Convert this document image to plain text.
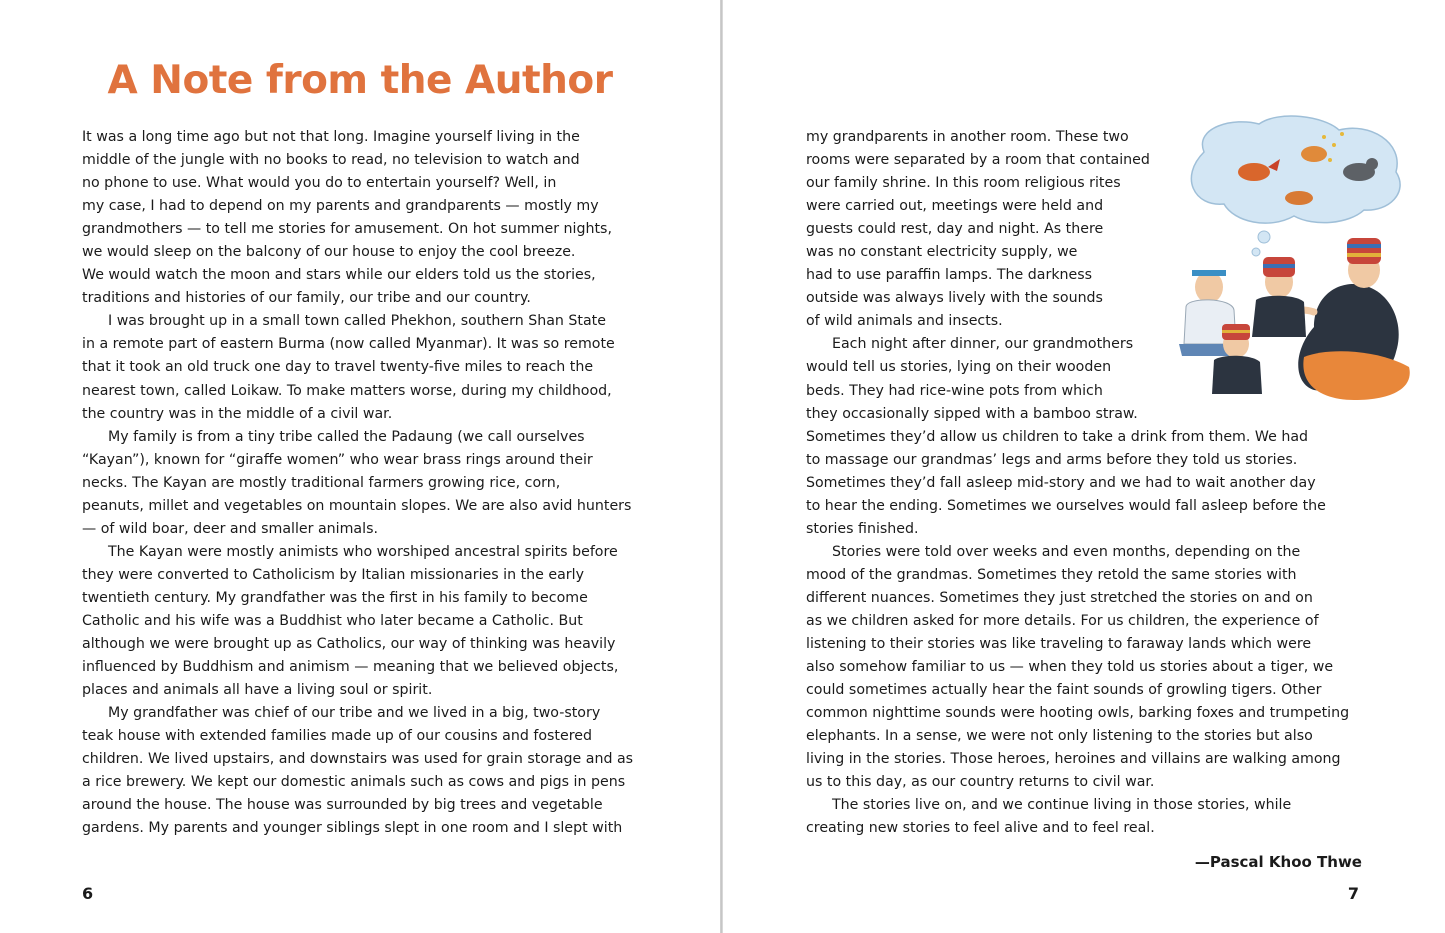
A Note from the Author
It was a long time ago but not that long. Imagine yourself living in the
middle of the jungle with no books to read, no television to watch and
no phone to use. What would you do to entertain yourself? Well, in
my case, I had to depend on my parents and grandparents — mostly my
grandmothers — to tell me stories for amusement. On hot summer nights,
we would sleep on the balcony of our house to enjoy the cool breeze.
We would watch the moon and stars while our elders told us the stories,
traditions and histories of our family, our tribe and our country.
I was brought up in a small town called Phekhon, southern Shan State
in a remote part of eastern Burma (now called Myanmar). It was so remote
that it took an old truck one day to travel twenty-five miles to reach the
nearest town, called Loikaw. To make matters worse, during my childhood,
the country was in the middle of a civil war.
My family is from a tiny tribe called the Padaung (we call ourselves
“Kayan”), known for “giraffe women” who wear brass rings around their
necks. The Kayan are mostly traditional farmers growing rice, corn,
peanuts, millet and vegetables on mountain slopes. We are also avid hunters
— of wild boar, deer and smaller animals.
The Kayan were mostly animists who worshiped ancestral spirits before
they were converted to Catholicism by Italian missionaries in the early
twentieth century. My grandfather was the first in his family to become
Catholic and his wife was a Buddhist who later became a Catholic. But
although we were brought up as Catholics, our way of thinking was heavily
influenced by Buddhism and animism — meaning that we believed objects,
places and animals all have a living soul or spirit.
My grandfather was chief of our tribe and we lived in a big, two-story
teak house with extended families made up of our cousins and fostered
children. We lived upstairs, and downstairs was used for grain storage and as
a rice brewery. We kept our domestic animals such as cows and pigs in pens
around the house. The house was surrounded by big trees and vegetable
gardens. My parents and younger siblings slept in one room and I slept with

6

my grandparents in another room. These two
rooms were separated by a room that contained
our family shrine. In this room religious rites
were carried out, meetings were held and
guests could rest, day and night. As there
was no constant electricity supply, we
had to use paraffin lamps. The darkness
outside was always lively with the sounds
of wild animals and insects.
Each night after dinner, our grandmothers
would tell us stories, lying on their wooden
beds. They had rice-wine pots from which
they occasionally sipped with a bamboo straw.
Sometimes they’d allow us children to take a drink from them. We had
to massage our grandmas’ legs and arms before they told us stories.
Sometimes they’d fall asleep mid-story and we had to wait another day
to hear the ending. Sometimes we ourselves would fall asleep before the
stories finished.
Stories were told over weeks and even months, depending on the
mood of the grandmas. Sometimes they retold the same stories with
different nuances. Sometimes they just stretched the stories on and on
as we children asked for more details. For us children, the experience of
listening to their stories was like traveling to faraway lands which were
also somehow familiar to us — when they told us stories about a tiger, we
could sometimes actually hear the faint sounds of growling tigers. Other
common nighttime sounds were hooting owls, barking foxes and trumpeting
elephants. In a sense, we were not only listening to the stories but also
living in the stories. Those heroes, heroines and villains are walking among
us to this day, as our country returns to civil war.
The stories live on, and we continue living in those stories, while
creating new stories to feel alive and to feel real.

—Pascal Khoo Thwe

7
